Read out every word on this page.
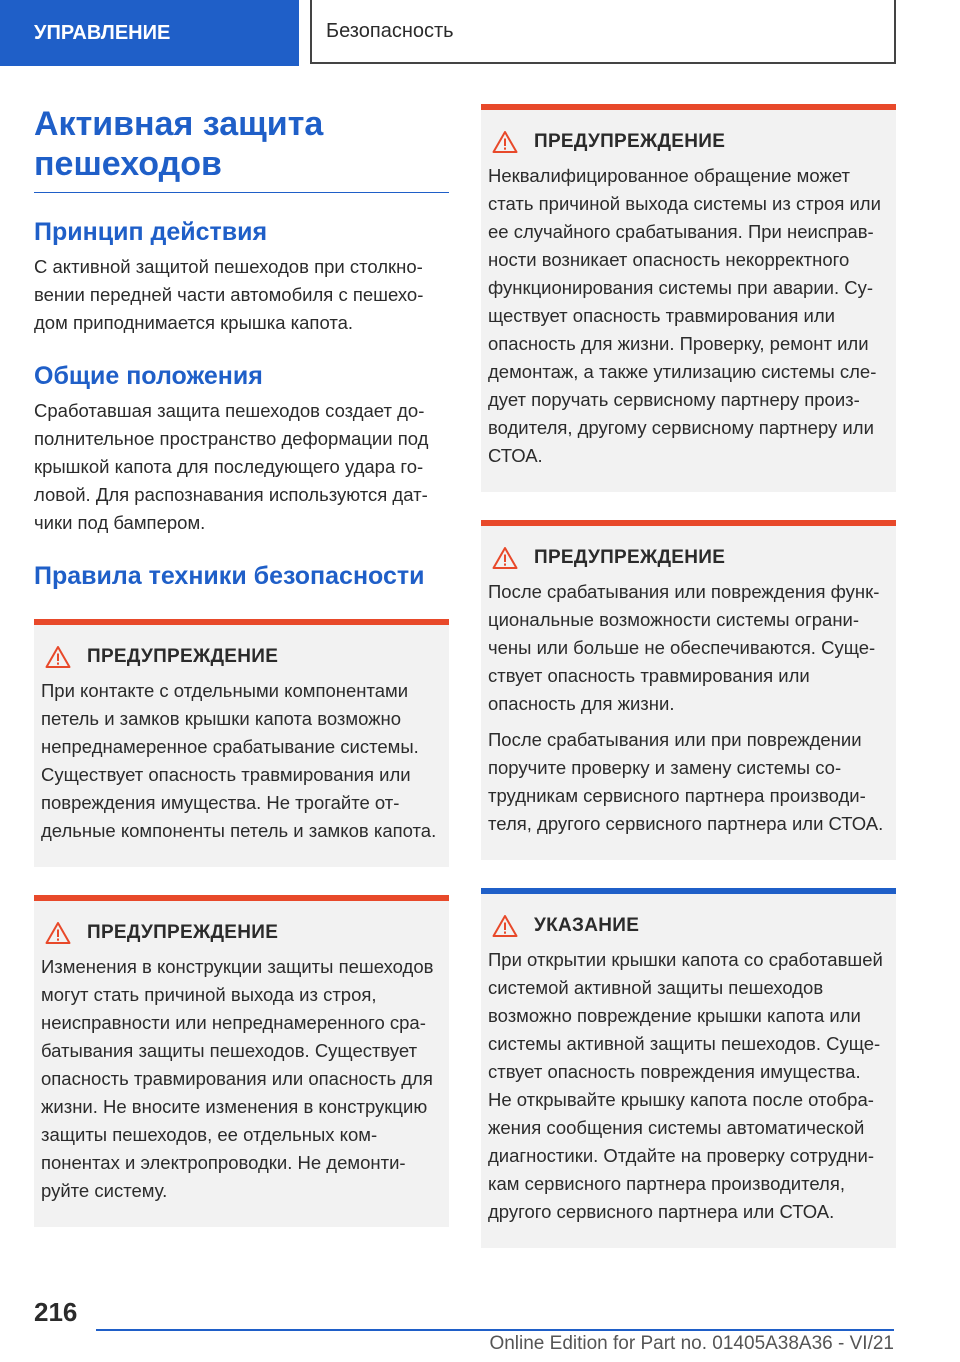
УПРАВЛЕНИЕ	Безопасность
Активная защита пешеходов
Принцип действия

С активной защитой пешеходов при столкновении передней части автомобиля с пешеходом приподнимается крышка капота.

Общие положения

Сработавшая защита пешеходов создает дополнительное пространство деформации под крышкой капота для последующего удара головой. Для распознавания используются датчики под бампером.

Правила техники безопасности
ПРЕДУПРЕЖДЕНИЕ

При контакте с отдельными компонентами петель и замков крышки капота возможно непреднамеренное срабатывание системы. Существует опасность травмирования или повреждения имущества. Не трогайте отдельные компоненты петель и замков капота.

ПРЕДУПРЕЖДЕНИЕ

Изменения в конструкции защиты пешеходов могут стать причиной выхода из строя, неисправности или непреднамеренного срабатывания защиты пешеходов. Существует опасность травмирования или опасность для жизни. Не вносите изменения в конструкцию защиты пешеходов, ее отдельных компонентах и электропроводки. Не демонтируйте систему.

ПРЕДУПРЕЖДЕНИЕ

Неквалифицированное обращение может стать причиной выхода системы из строя или ее случайного срабатывания. При неисправности возникает опасность некорректного функционирования системы при аварии. Существует опасность травмирования или опасность для жизни. Проверку, ремонт или демонтаж, а также утилизацию системы следует поручать сервисному партнеру производителя, другому сервисному партнеру или СТОА.

ПРЕДУПРЕЖДЕНИЕ

После срабатывания или повреждения функциональные возможности системы ограничены или больше не обеспечиваются. Существует опасность травмирования или опасность для жизни.

После срабатывания или при повреждении поручите проверку и замену системы сотрудникам сервисного партнера производителя, другого сервисного партнера или СТОА.

УКАЗАНИЕ

При открытии крышки капота со сработавшей системой активной защиты пешеходов возможно повреждение крышки капота или системы активной защиты пешеходов. Существует опасность повреждения имущества. Не открывайте крышку капота после отображения сообщения системы автоматической диагностики. Отдайте на проверку сотрудникам сервисного партнера производителя, другого сервисного партнера или СТОА.

216
Online Edition for Part no. 01405A38A36 - VI/21
